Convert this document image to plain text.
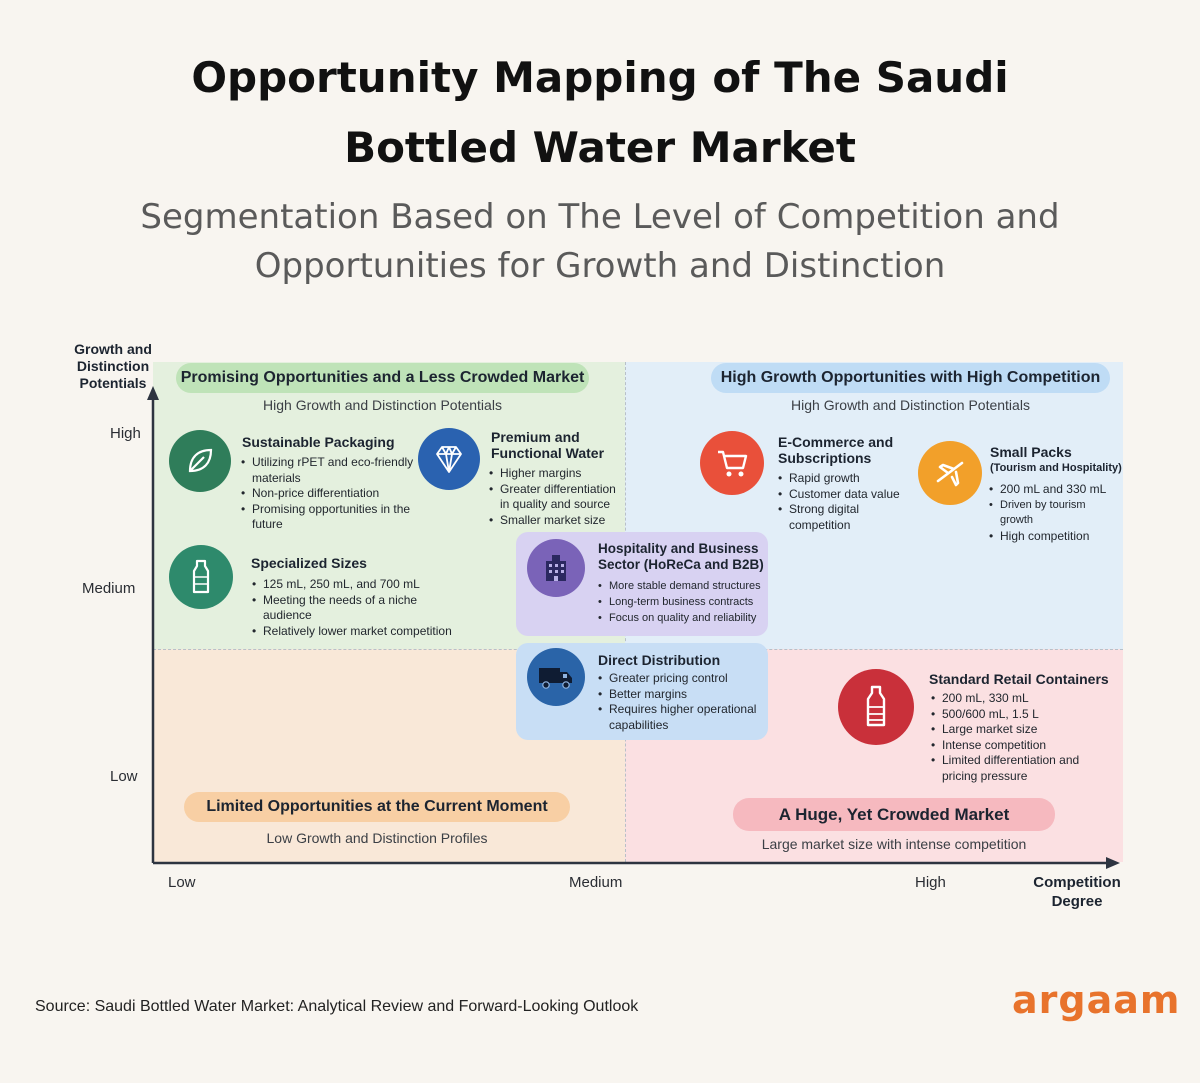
Opportunity Mapping of The Saudi
Bottled Water Market
Segmentation Based on The Level of Competition and
Opportunities for Growth and Distinction
Growth and
Distinction
Potentials
High
Medium
Low
Low	Medium	High	Competition
Degree
Promising Opportunities and a Less Crowded Market
High Growth and Distinction Potentials
High Growth Opportunities with High Competition
High Growth and Distinction Potentials
Limited Opportunities at the Current Moment
Low Growth and Distinction Profiles
A Huge, Yet Crowded Market
Large market size with intense competition
Sustainable Packaging
• Utilizing rPET and eco-friendly materials
• Non-price differentiation
• Promising opportunities in the future
Premium and
Functional Water
• Higher margins
• Greater differentiation in quality and source
• Smaller market size
E-Commerce and
Subscriptions
• Rapid growth
• Customer data value
• Strong digital competition
Small Packs
(Tourism and Hospitality)
• 200 mL and 330 mL
• Driven by tourism growth
• High competition
Specialized Sizes
• 125 mL, 250 mL, and 700 mL
• Meeting the needs of a niche audience
• Relatively lower market competition
Hospitality and Business
Sector (HoReCa and B2B)
• More stable demand structures
• Long-term business contracts
• Focus on quality and reliability
Direct Distribution
• Greater pricing control
• Better margins
• Requires higher operational capabilities
Standard Retail Containers
• 200 mL, 330 mL
• 500/600 mL, 1.5 L
• Large market size
• Intense competition
• Limited differentiation and pricing pressure
Source: Saudi Bottled Water Market: Analytical Review and Forward-Looking Outlook	argaam
